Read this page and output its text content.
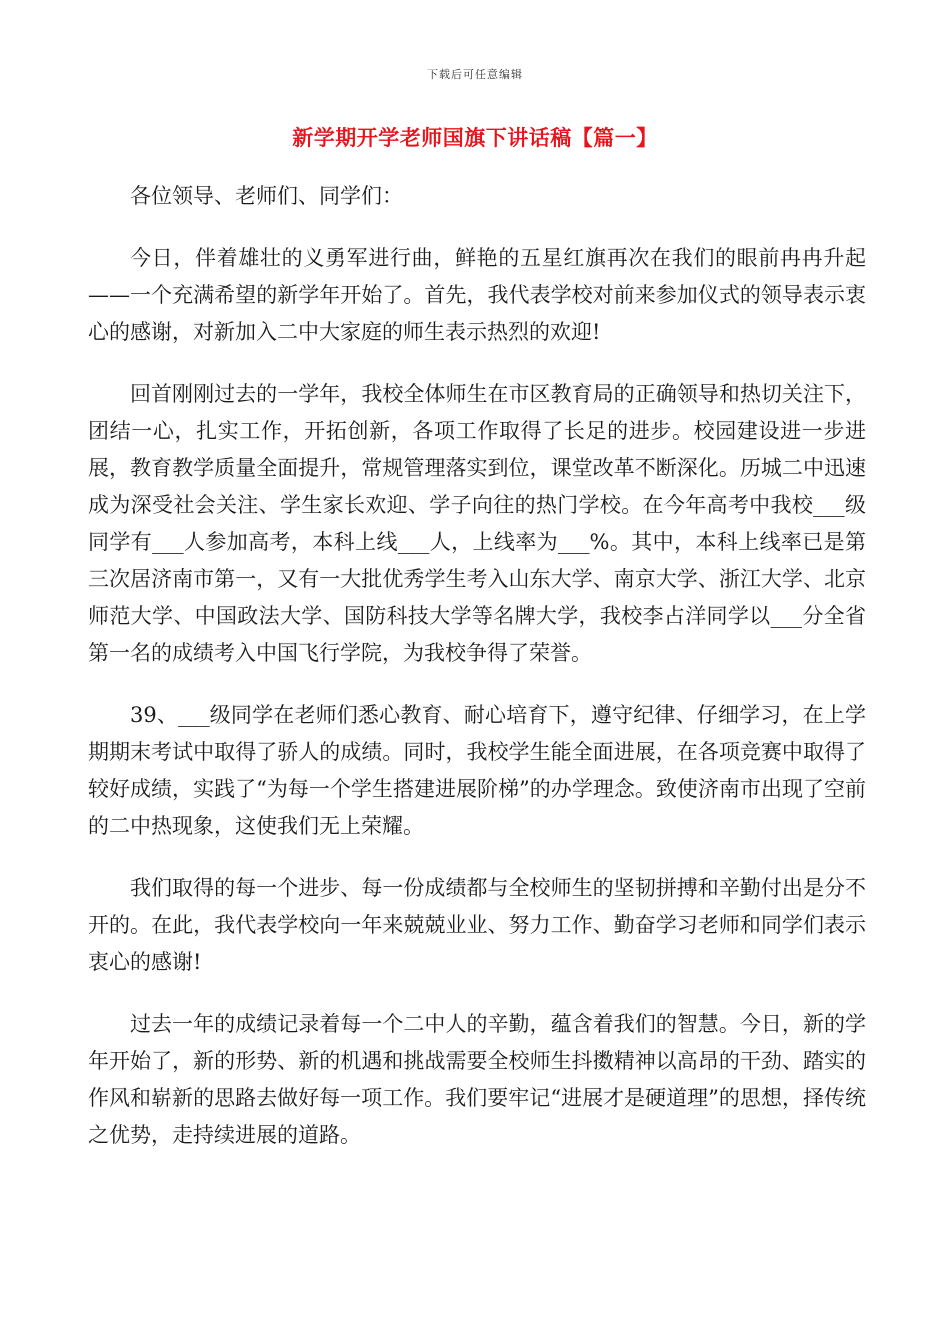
下载后可任意编辑
新学期开学老师国旗下讲话稿【篇一】

各位领导、老师们、同学们：

今日，伴着雄壮的义勇军进行曲，鲜艳的五星红旗再次在我们的眼前冉冉升起——一个充满希望的新学年开始了。首先，我代表学校对前来参加仪式的领导表示衷心的感谢，对新加入二中大家庭的师生表示热烈的欢迎!

回首刚刚过去的一学年，我校全体师生在市区教育局的正确领导和热切关注下，团结一心，扎实工作，开拓创新，各项工作取得了长足的进步。校园建设进一步进展，教育教学质量全面提升，常规管理落实到位，课堂改革不断深化。历城二中迅速成为深受社会关注、学生家长欢迎、学子向往的热门学校。在今年高考中我校___级同学有___人参加高考，本科上线___人，上线率为___%。其中，本科上线率已是第三次居济南市第一，又有一大批优秀学生考入山东大学、南京大学、浙江大学、北京师范大学、中国政法大学、国防科技大学等名牌大学，我校李占洋同学以___分全省第一名的成绩考入中国飞行学院，为我校争得了荣誉。

39、___级同学在老师们悉心教育、耐心培育下，遵守纪律、仔细学习，在上学期期末考试中取得了骄人的成绩。同时，我校学生能全面进展，在各项竞赛中取得了较好成绩，实践了“为每一个学生搭建进展阶梯”的办学理念。致使济南市出现了空前的二中热现象，这使我们无上荣耀。

我们取得的每一个进步、每一份成绩都与全校师生的坚韧拼搏和辛勤付出是分不开的。在此，我代表学校向一年来兢兢业业、努力工作、勤奋学习老师和同学们表示衷心的感谢!

过去一年的成绩记录着每一个二中人的辛勤，蕴含着我们的智慧。今日，新的学年开始了，新的形势、新的机遇和挑战需要全校师生抖擞精神以高昂的干劲、踏实的作风和崭新的思路去做好每一项工作。我们要牢记“进展才是硬道理”的思想，择传统之优势，走持续进展的道路。
